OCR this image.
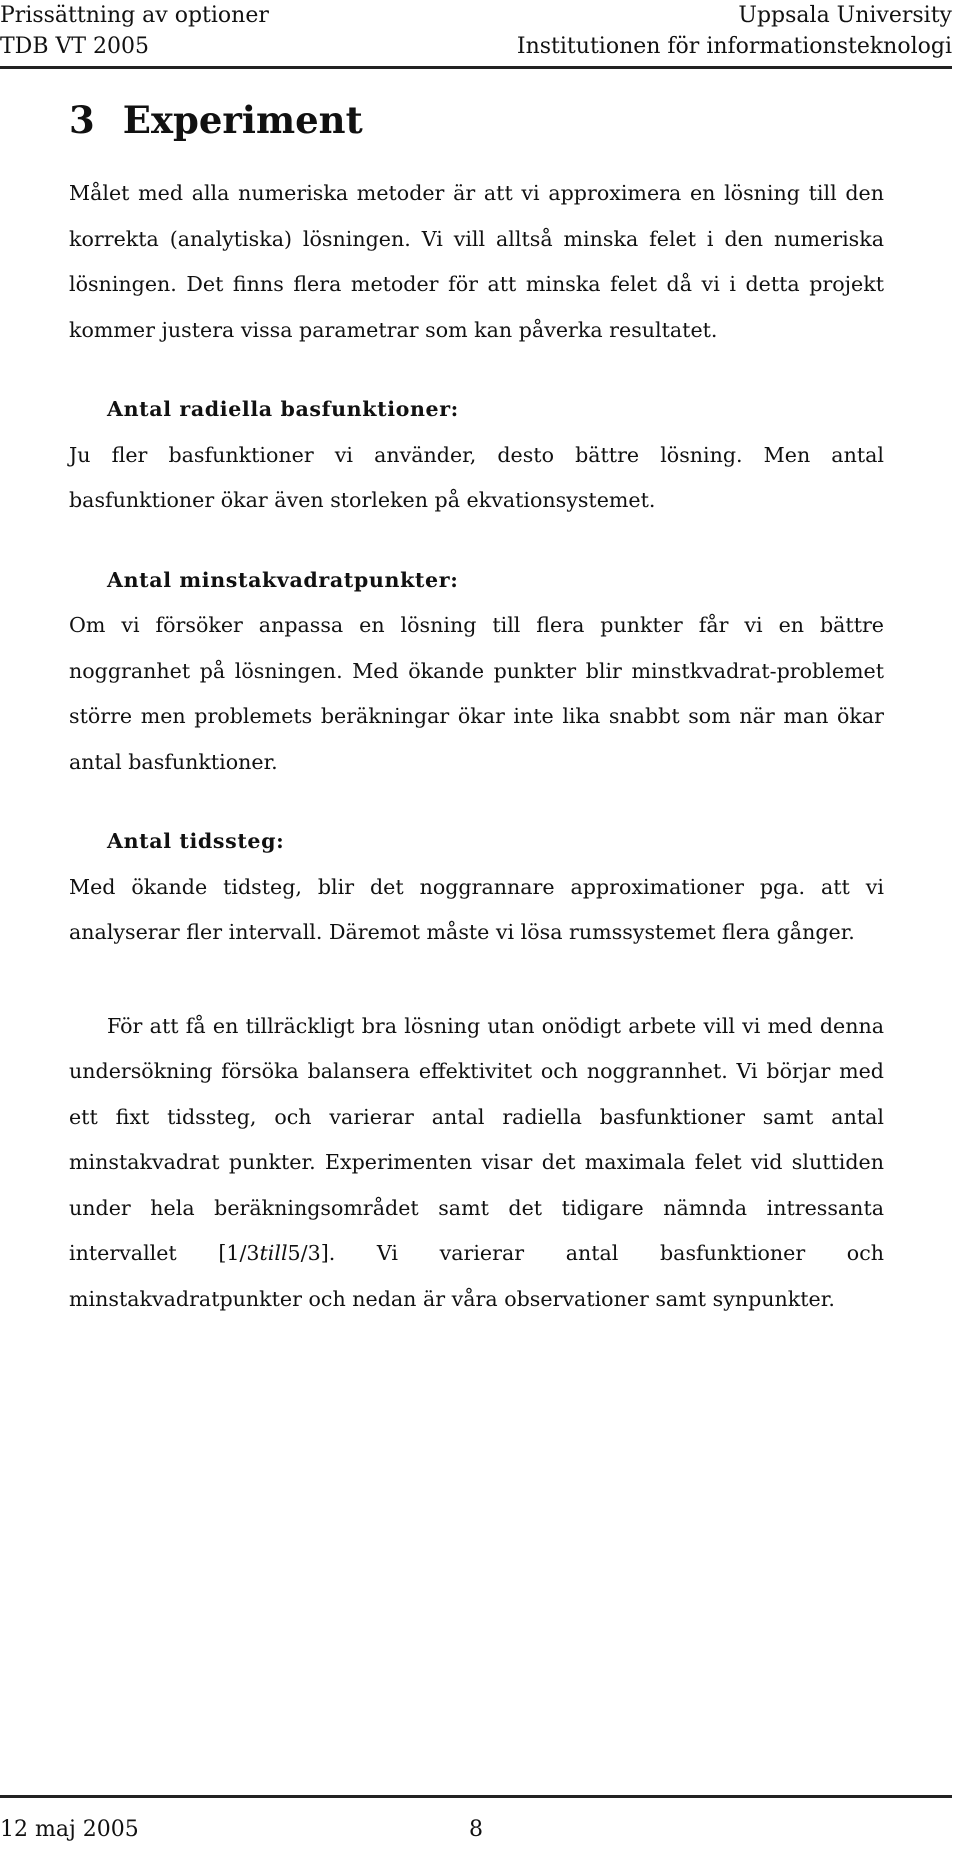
Prissättning av optioner
TDB VT 2005
Uppsala University
Institutionen för informationsteknologi
3 Experiment

Målet med alla numeriska metoder är att vi approximera en lösning till den korrekta (analytiska) lösningen. Vi vill alltså minska felet i den numeriska lösningen. Det finns flera metoder för att minska felet då vi i detta projekt kommer justera vissa parametrar som kan påverka resultatet.

Antal radiella basfunktioner:

Ju fler basfunktioner vi använder, desto bättre lösning. Men antal basfunktioner ökar även storleken på ekvationsystemet.

Antal minstakvadratpunkter:

Om vi försöker anpassa en lösning till flera punkter får vi en bättre noggranhet på lösningen. Med ökande punkter blir minstkvadrat-problemet större men problemets beräkningar ökar inte lika snabbt som när man ökar antal basfunktioner.

Antal tidssteg:

Med ökande tidsteg, blir det noggrannare approximationer pga. att vi analyserar fler intervall. Däremot måste vi lösa rumssystemet flera gånger.

För att få en tillräckligt bra lösning utan onödigt arbete vill vi med denna undersökning försöka balansera effektivitet och noggrannhet. Vi börjar med ett fixt tidssteg, och varierar antal radiella basfunktioner samt antal minstakvadrat punkter. Experimenten visar det maximala felet vid sluttiden under hela beräkningsområdet samt det tidigare nämnda intressanta intervallet [1/3till5/3]. Vi varierar antal basfunktioner och minstakvadratpunkter och nedan är våra observationer samt synpunkter.

12 maj 2005	8
